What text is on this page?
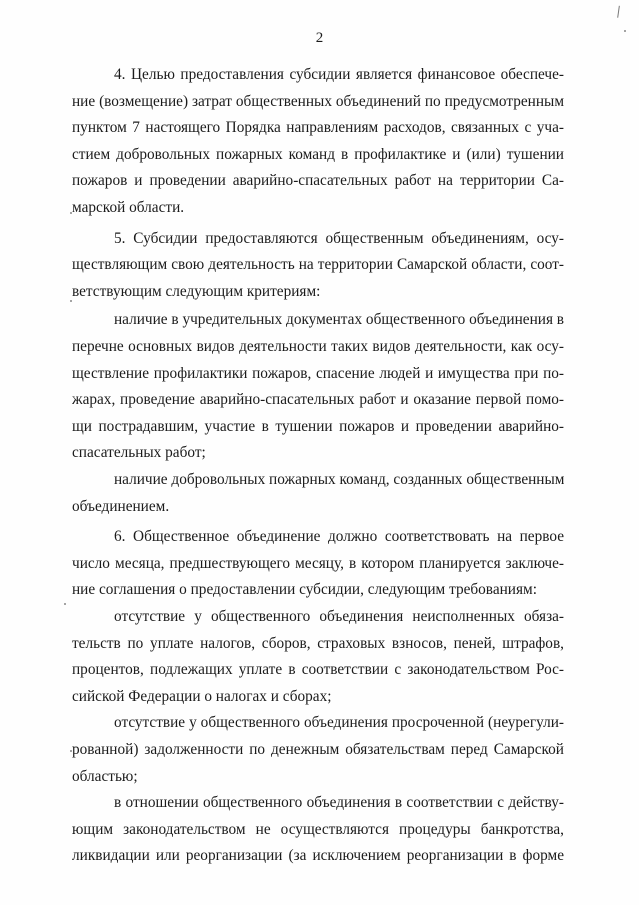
2
4. Целью предоставления субсидии является финансовое обеспече-
ние (возмещение) затрат общественных объединений по предусмотренным
пунктом 7 настоящего Порядка направлениям расходов, связанных с уча-
стием добровольных пожарных команд в профилактике и (или) тушении
пожаров и проведении аварийно-спасательных работ на территории Са-
марской области.
5. Субсидии предоставляются общественным объединениям, осу-
ществляющим свою деятельность на территории Самарской области, соот-
ветствующим следующим критериям:
наличие в учредительных документах общественного объединения в
перечне основных видов деятельности таких видов деятельности, как осу-
ществление профилактики пожаров, спасение людей и имущества при по-
жарах, проведение аварийно-спасательных работ и оказание первой помо-
щи пострадавшим, участие в тушении пожаров и проведении аварийно-
спасательных работ;
наличие добровольных пожарных команд, созданных общественным
объединением.
6. Общественное объединение должно соответствовать на первое
число месяца, предшествующего месяцу, в котором планируется заключе-
ние соглашения о предоставлении субсидии, следующим требованиям:
отсутствие у общественного объединения неисполненных обяза-
тельств по уплате налогов, сборов, страховых взносов, пеней, штрафов,
процентов, подлежащих уплате в соответствии с законодательством Рос-
сийской Федерации о налогах и сборах;
отсутствие у общественного объединения просроченной (неурегули-
рованной) задолженности по денежным обязательствам перед Самарской
областью;
в отношении общественного объединения в соответствии с действу-
ющим законодательством не осуществляются процедуры банкротства,
ликвидации или реорганизации (за исключением реорганизации в форме
